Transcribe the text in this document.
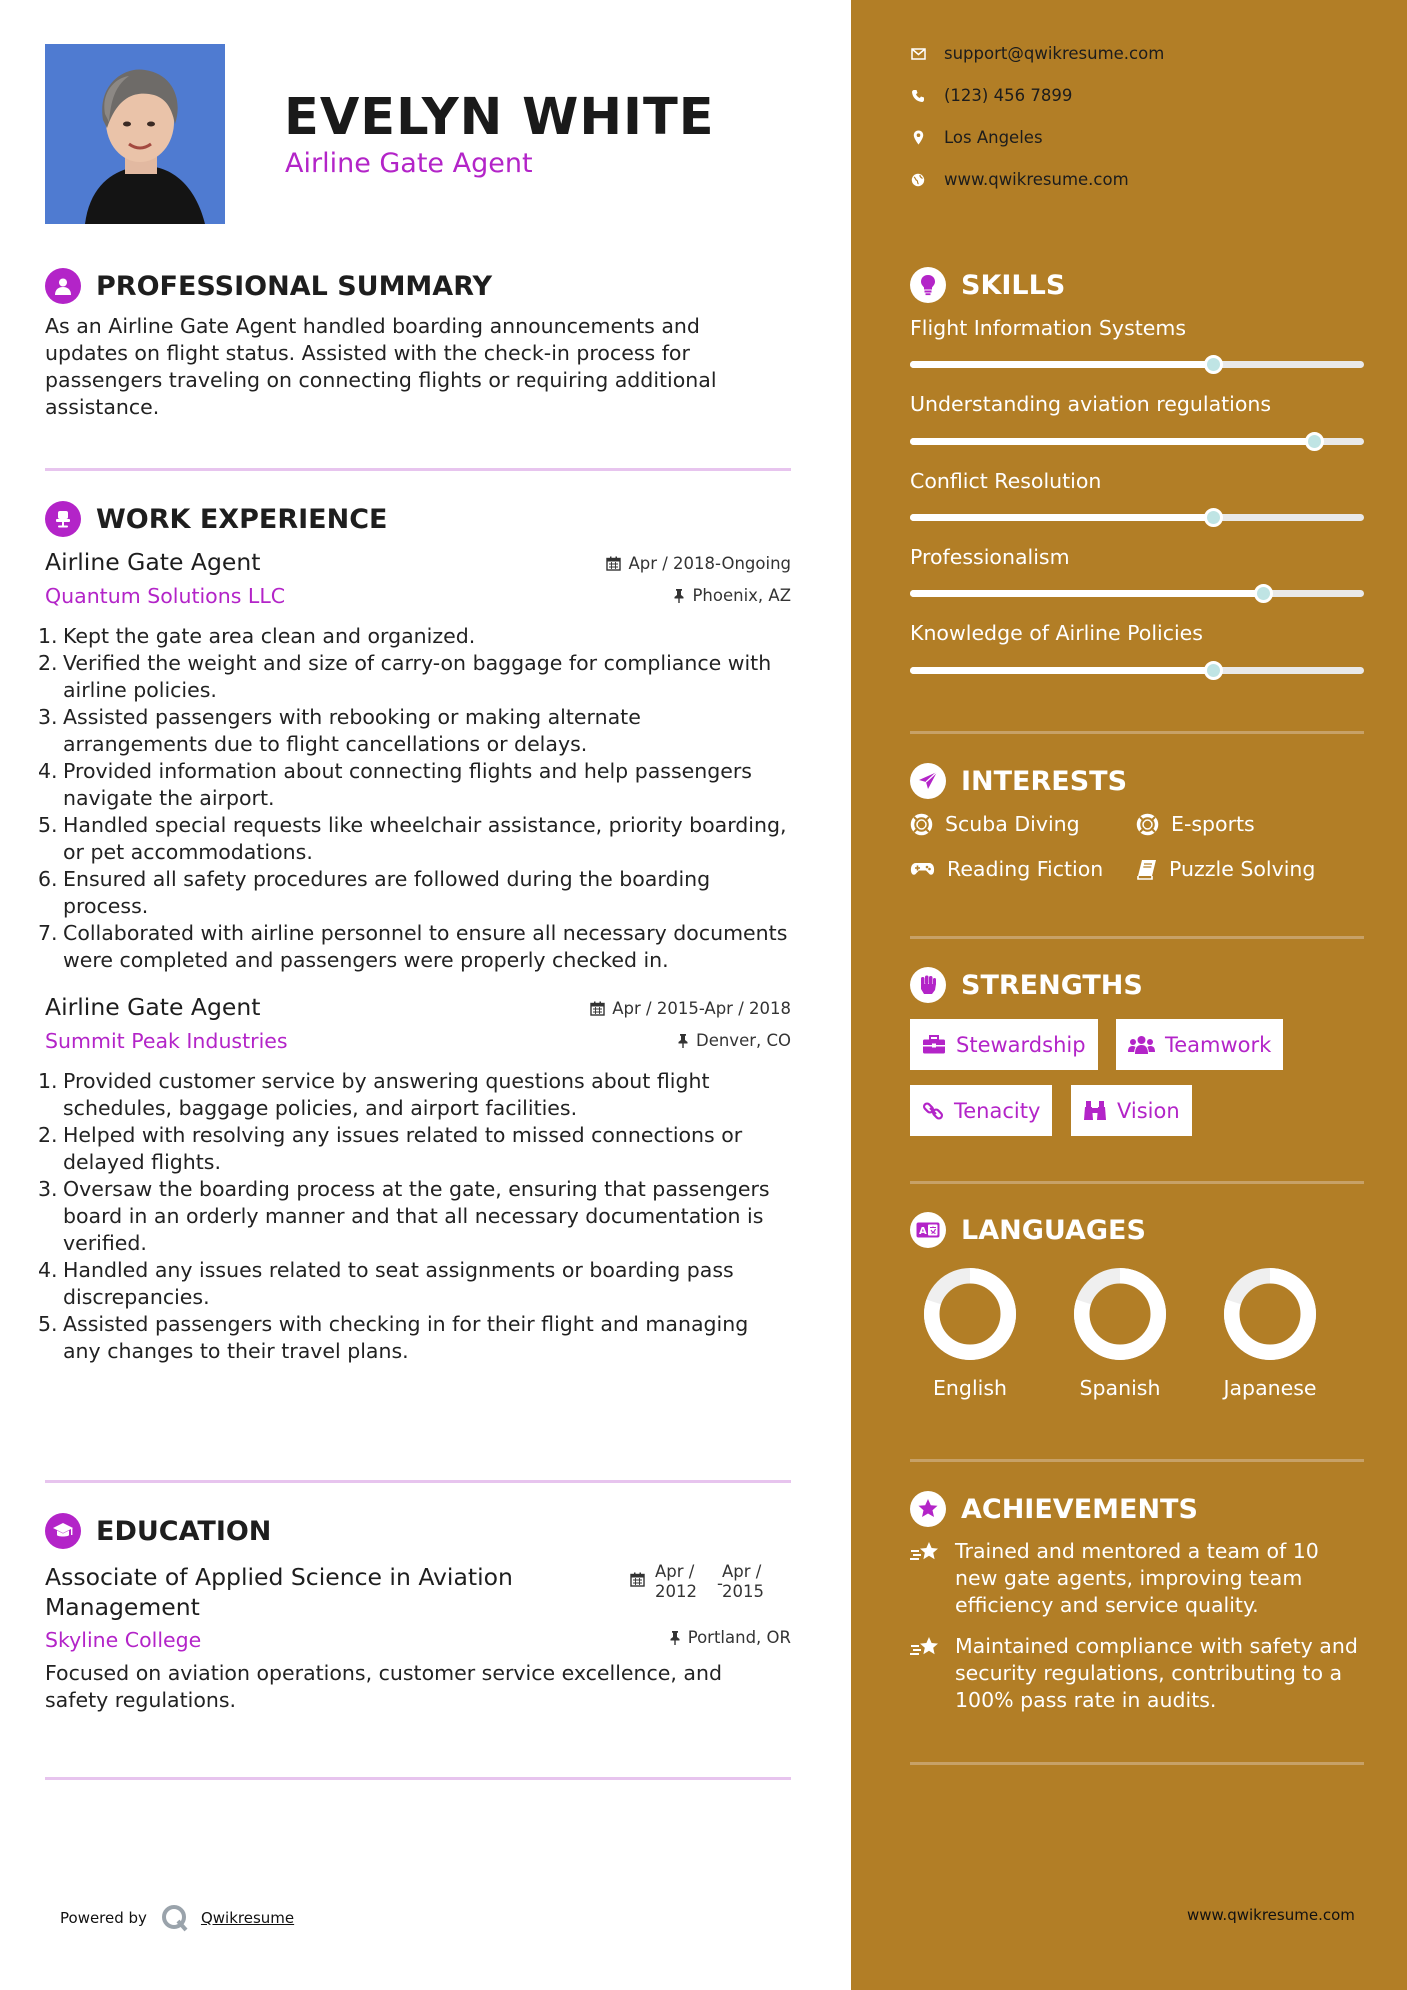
EVELYN WHITE
Airline Gate Agent
PROFESSIONAL SUMMARY
As an Airline Gate Agent handled boarding announcements and updates on flight status. Assisted with the check-in process for passengers traveling on connecting flights or requiring additional assistance.
WORK EXPERIENCE
Airline Gate Agent
Quantum Solutions LLC
Apr / 2018-Ongoing
Phoenix, AZ
1. Kept the gate area clean and organized.
2. Verified the weight and size of carry-on baggage for compliance with airline policies.
3. Assisted passengers with rebooking or making alternate arrangements due to flight cancellations or delays.
4. Provided information about connecting flights and help passengers navigate the airport.
5. Handled special requests like wheelchair assistance, priority boarding, or pet accommodations.
6. Ensured all safety procedures are followed during the boarding process.
7. Collaborated with airline personnel to ensure all necessary documents were completed and passengers were properly checked in.
Airline Gate Agent
Summit Peak Industries
Apr / 2015-Apr / 2018
Denver, CO
1. Provided customer service by answering questions about flight schedules, baggage policies, and airport facilities.
2. Helped with resolving any issues related to missed connections or delayed flights.
3. Oversaw the boarding process at the gate, ensuring that passengers board in an orderly manner and that all necessary documentation is verified.
4. Handled any issues related to seat assignments or boarding pass discrepancies.
5. Assisted passengers with checking in for their flight and managing any changes to their travel plans.
EDUCATION
Associate of Applied Science in Aviation
Management
Skyline College
Apr /
2012 -
Apr /
2015
Portland, OR
Focused on aviation operations, customer service excellence, and safety regulations.
Powered by	Qwikresume
support@qwikresume.com
(123) 456 7899
Los Angeles
www.qwikresume.com
SKILLS
Flight Information Systems
Understanding aviation regulations
Conflict Resolution
Professionalism
Knowledge of Airline Policies
INTERESTS
Scuba Diving	E-sports
Reading Fiction	Puzzle Solving
STRENGTHS
Stewardship	Teamwork
Tenacity	Vision
A LANGUAGES
English	Spanish	Japanese
ACHIEVEMENTS
Trained and mentored a team of 10 new gate agents, improving team efficiency and service quality.
Maintained compliance with safety and security regulations, contributing to a 100% pass rate in audits.
www.qwikresume.com
